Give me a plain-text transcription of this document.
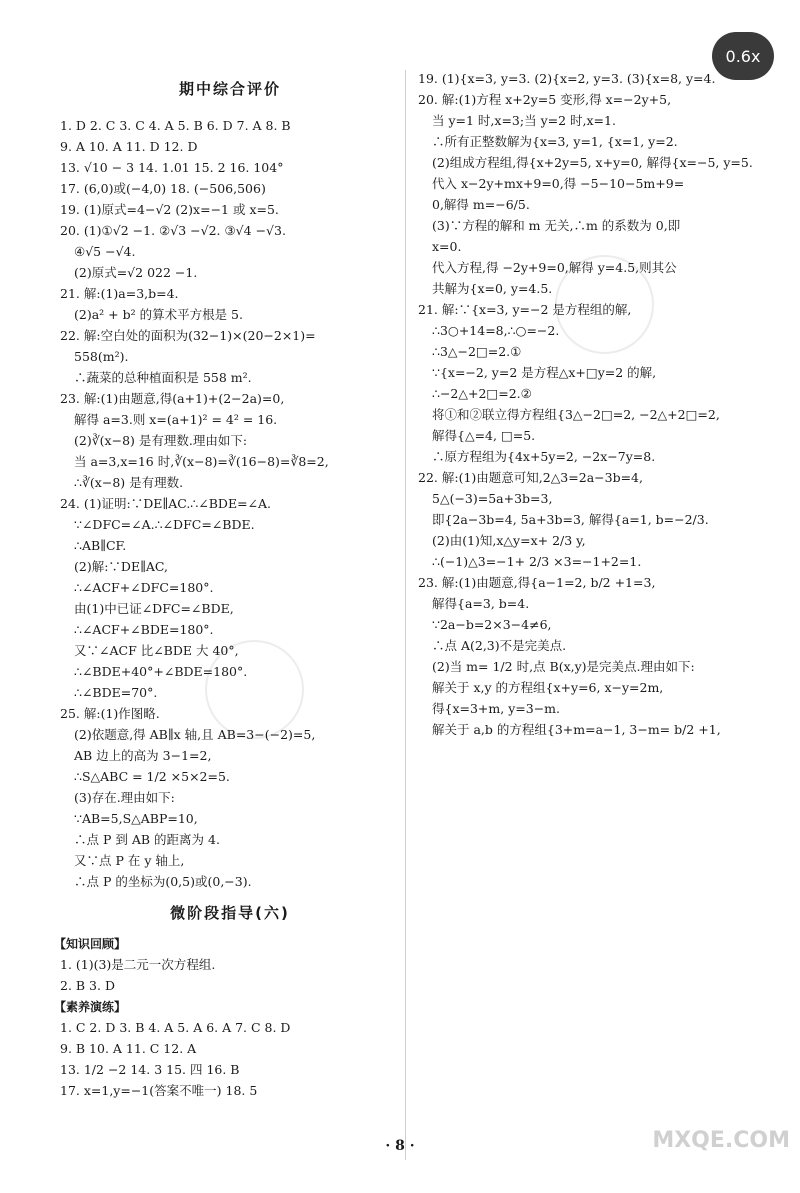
0.6x
期中综合评价
1. D 2. C 3. C 4. A 5. B 6. D 7. A 8. B
9. A 10. A 11. D 12. D
13. √10 − 3 14. 1.01 15. 2 16. 104°
17. (6,0)或(−4,0) 18. (−506,506)
19. (1)原式=4−√2 (2)x=−1 或 x=5.
20. (1)①√2 −1. ②√3 −√2. ③√4 −√3.
④√5 −√4.
(2)原式=√2 022 −1.
21. 解:(1)a=3,b=4.
(2)a² + b² 的算术平方根是 5.
22. 解:空白处的面积为(32−1)×(20−2×1)=
558(m²).
∴蔬菜的总种植面积是 558 m².
23. 解:(1)由题意,得(a+1)+(2−2a)=0,
解得 a=3.则 x=(a+1)² = 4² = 16.
(2)∛(x−8) 是有理数.理由如下:
当 a=3,x=16 时,∛(x−8)=∛(16−8)=∛8=2,
∴∛(x−8) 是有理数.
24. (1)证明:∵DE∥AC.∴∠BDE=∠A.
∵∠DFC=∠A.∴∠DFC=∠BDE.
∴AB∥CF.
(2)解:∵DE∥AC,
∴∠ACF+∠DFC=180°.
由(1)中已证∠DFC=∠BDE,
∴∠ACF+∠BDE=180°.
又∵∠ACF 比∠BDE 大 40°,
∴∠BDE+40°+∠BDE=180°.
∴∠BDE=70°.
25. 解:(1)作图略.
(2)依题意,得 AB∥x 轴,且 AB=3−(−2)=5,
AB 边上的高为 3−1=2,
∴S△ABC = 1/2 ×5×2=5.
(3)存在.理由如下:
∵AB=5,S△ABP=10,
∴点 P 到 AB 的距离为 4.
又∵点 P 在 y 轴上,
∴点 P 的坐标为(0,5)或(0,−3).
微阶段指导(六)
【知识回顾】
1. (1)(3)是二元一次方程组.
2. B 3. D
【素养演练】
1. C 2. D 3. B 4. A 5. A 6. A 7. C 8. D
9. B 10. A 11. C 12. A
13. 1/2 −2 14. 3 15. 四 16. B
17. x=1,y=−1(答案不唯一) 18. 5
19. (1){x=3, y=3. (2){x=2, y=3. (3){x=8, y=4.
20. 解:(1)方程 x+2y=5 变形,得 x=−2y+5,
当 y=1 时,x=3;当 y=2 时,x=1.
∴所有正整数解为{x=3, y=1, {x=1, y=2.
(2)组成方程组,得{x+2y=5, x+y=0, 解得{x=−5, y=5.
代入 x−2y+mx+9=0,得 −5−10−5m+9=
0,解得 m=−6/5.
(3)∵方程的解和 m 无关,∴m 的系数为 0,即
x=0.
代入方程,得 −2y+9=0,解得 y=4.5,则其公
共解为{x=0, y=4.5.
21. 解:∵{x=3, y=−2 是方程组的解,
∴3○+14=8,∴○=−2.
∴3△−2□=2.①
∵{x=−2, y=2 是方程△x+□y=2 的解,
∴−2△+2□=2.②
将①和②联立得方程组{3△−2□=2, −2△+2□=2,
解得{△=4, □=5.
∴原方程组为{4x+5y=2, −2x−7y=8.
22. 解:(1)由题意可知,2△3=2a−3b=4,
5△(−3)=5a+3b=3,
即{2a−3b=4, 5a+3b=3, 解得{a=1, b=−2/3.
(2)由(1)知,x△y=x+ 2/3 y,
∴(−1)△3=−1+ 2/3 ×3=−1+2=1.
23. 解:(1)由题意,得{a−1=2, b/2 +1=3,
解得{a=3, b=4.
∵2a−b=2×3−4≠6,
∴点 A(2,3)不是完美点.
(2)当 m= 1/2 时,点 B(x,y)是完美点.理由如下:
解关于 x,y 的方程组{x+y=6, x−y=2m,
得{x=3+m, y=3−m.
解关于 a,b 的方程组{3+m=a−1, 3−m= b/2 +1,
· 8 ·	MXQE.COM
